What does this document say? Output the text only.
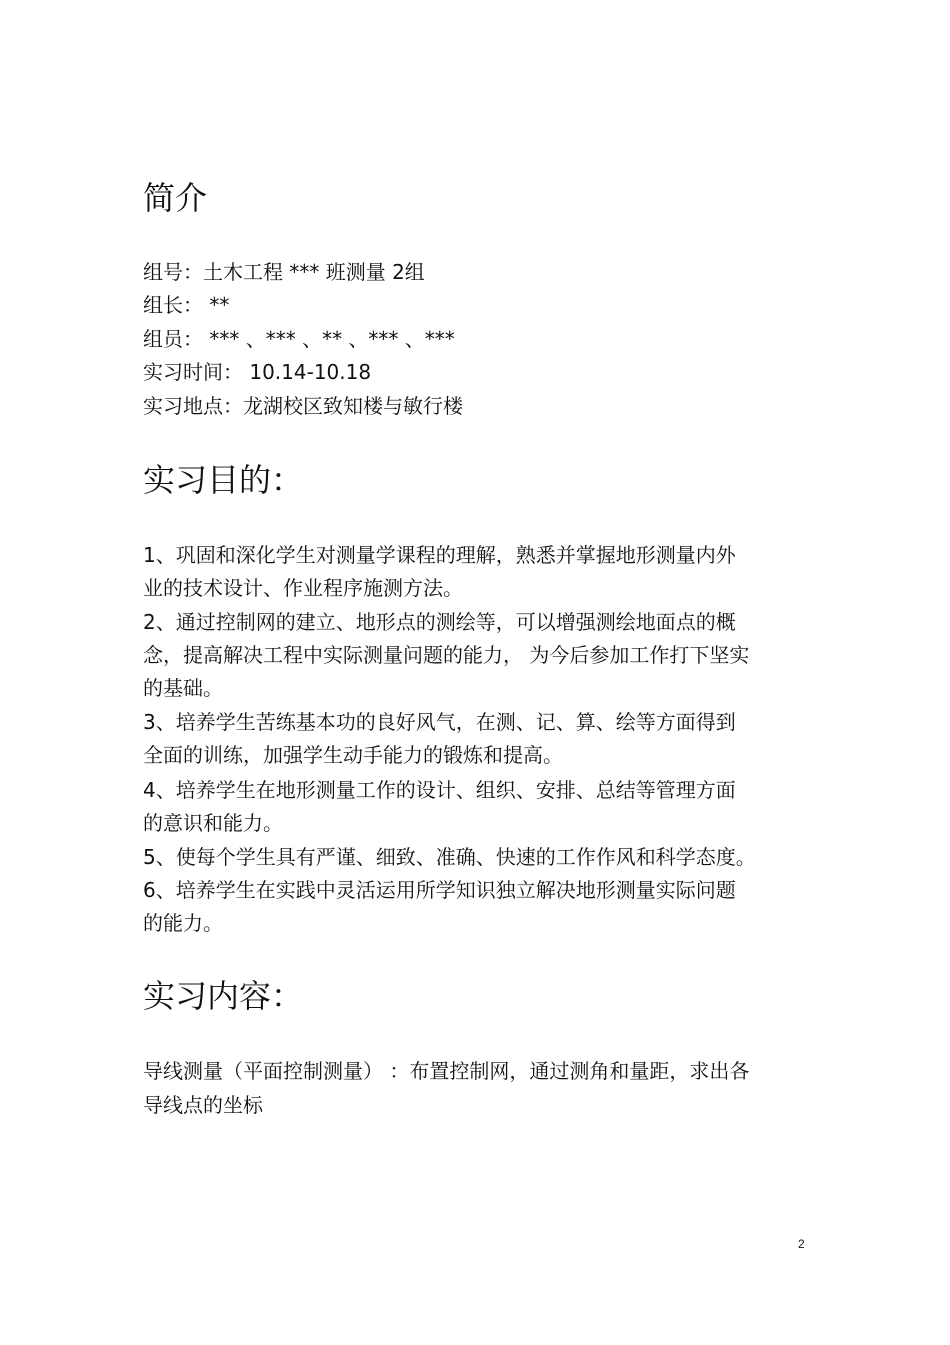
简介

组号：土木工程 *** 班测量 2组

组长： **

组员： *** 、*** 、** 、*** 、***

实习时间： 10.14-10.18

实习地点：龙湖校区致知楼与敏行楼

实习目的：

1、巩固和深化学生对测量学课程的理解，熟悉并掌握地形测量内外

业的技术设计、作业程序施测方法。

2、通过控制网的建立、地形点的测绘等，可以增强测绘地面点的概

念，提高解决工程中实际测量问题的能力， 为今后参加工作打下坚实

的基础。

3、培养学生苦练基本功的良好风气，在测、记、算、绘等方面得到

全面的训练，加强学生动手能力的锻炼和提高。

4、培养学生在地形测量工作的设计、组织、安排、总结等管理方面

的意识和能力。

5、使每个学生具有严谨、细致、准确、快速的工作作风和科学态度。

6、培养学生在实践中灵活运用所学知识独立解决地形测量实际问题

的能力。

实习内容：

导线测量（平面控制测量） ：布置控制网，通过测角和量距，求出各

导线点的坐标

2
